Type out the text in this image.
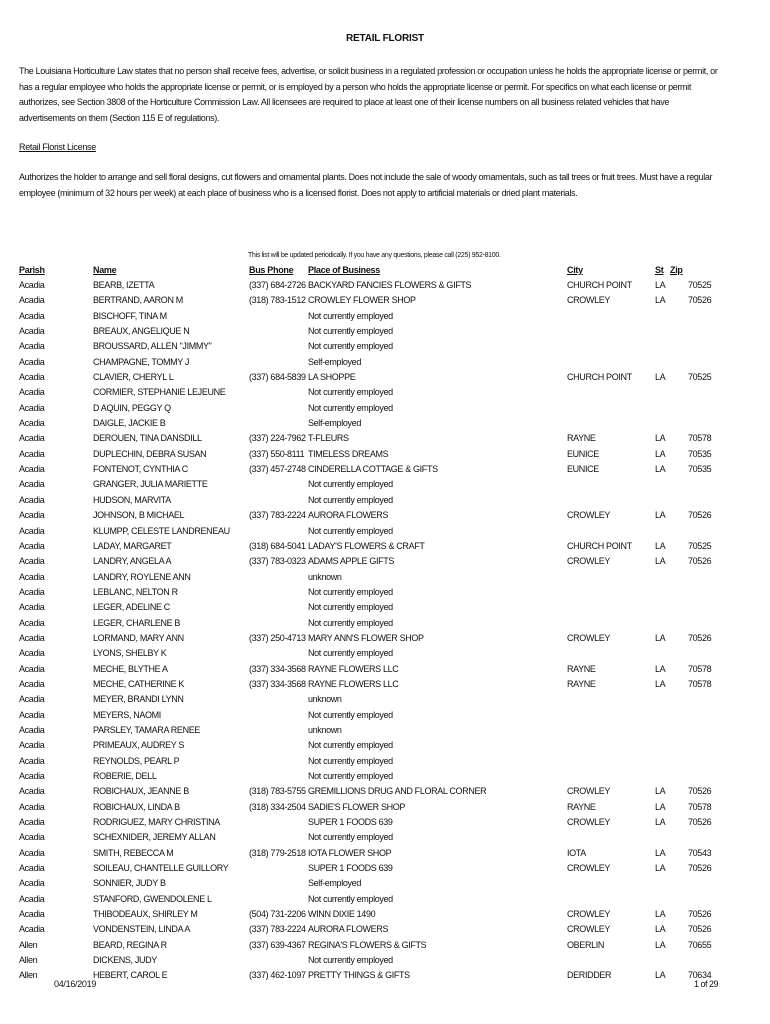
RETAIL FLORIST
The Louisiana Horticulture Law states that no person shall receive fees, advertise, or solicit business in a regulated profession or occupation unless he holds the appropriate license or permit, or has a regular employee who holds the appropriate license or permit, or is employed by a person who holds the appropriate license or permit. For specifics on what each license or permit authorizes, see Section 3808 of the Horticulture Commission Law. All licensees are required to place at least one of their license numbers on all business related vehicles that have advertisements on them (Section 115 E of regulations).
Retail Florist License
Authorizes the holder to arrange and sell floral designs, cut flowers and ornamental plants. Does not include the sale of woody ornamentals, such as tall trees or fruit trees. Must have a regular employee (minimum of 32 hours per week) at each place of business who is a licensed florist. Does not apply to artificial materials or dried plant materials.
This list will be updated periodically. If you have any questions, please call (225) 952-8100.
Parish	Name	Bus Phone Place of Business	City	St Zip
Acadia	BEARB, IZETTA	(337) 684-2726 BACKYARD FANCIES FLOWERS & GIFTS	CHURCH POINT	LA	70525
Acadia	BERTRAND, AARON M	(318) 783-1512 CROWLEY FLOWER SHOP	CROWLEY	LA	70526
Acadia	BISCHOFF, TINA M	Not currently employed
Acadia	BREAUX, ANGELIQUE N	Not currently employed
Acadia	BROUSSARD, ALLEN "JIMMY"	Not currently employed
Acadia	CHAMPAGNE, TOMMY J	Self-employed
Acadia	CLAVIER, CHERYL L	(337) 684-5839 LA SHOPPE	CHURCH POINT	LA	70525
Acadia	CORMIER, STEPHANIE LEJEUNE	Not currently employed
Acadia	D AQUIN, PEGGY Q	Not currently employed
Acadia	DAIGLE, JACKIE B	Self-employed
Acadia	DEROUEN, TINA DANSDILL	(337) 224-7962 T-FLEURS	RAYNE	LA	70578
Acadia	DUPLECHIN, DEBRA SUSAN	(337) 550-8111 TIMELESS DREAMS	EUNICE	LA	70535
Acadia	FONTENOT, CYNTHIA C	(337) 457-2748 CINDERELLA COTTAGE & GIFTS	EUNICE	LA	70535
Acadia	GRANGER, JULIA MARIETTE	Not currently employed
Acadia	HUDSON, MARVITA	Not currently employed
Acadia	JOHNSON, B MICHAEL	(337) 783-2224 AURORA FLOWERS	CROWLEY	LA	70526
Acadia	KLUMPP, CELESTE LANDRENEAU	Not currently employed
Acadia	LADAY, MARGARET	(318) 684-5041 LADAY'S FLOWERS & CRAFT	CHURCH POINT	LA	70525
Acadia	LANDRY, ANGELA A	(337) 783-0323 ADAMS APPLE GIFTS	CROWLEY	LA	70526
Acadia	LANDRY, ROYLENE ANN	unknown
Acadia	LEBLANC, NELTON R	Not currently employed
Acadia	LEGER, ADELINE C	Not currently employed
Acadia	LEGER, CHARLENE B	Not currently employed
Acadia	LORMAND, MARY ANN	(337) 250-4713 MARY ANN'S FLOWER SHOP	CROWLEY	LA	70526
Acadia	LYONS, SHELBY K	Not currently employed
Acadia	MECHE, BLYTHE A	(337) 334-3568 RAYNE FLOWERS LLC	RAYNE	LA	70578
Acadia	MECHE, CATHERINE K	(337) 334-3568 RAYNE FLOWERS LLC	RAYNE	LA	70578
Acadia	MEYER, BRANDI LYNN	unknown
Acadia	MEYERS, NAOMI	Not currently employed
Acadia	PARSLEY, TAMARA RENEE	unknown
Acadia	PRIMEAUX, AUDREY S	Not currently employed
Acadia	REYNOLDS, PEARL P	Not currently employed
Acadia	ROBERIE, DELL	Not currently employed
Acadia	ROBICHAUX, JEANNE B	(318) 783-5755 GREMILLIONS DRUG AND FLORAL CORNER	CROWLEY	LA	70526
Acadia	ROBICHAUX, LINDA B	(318) 334-2504 SADIE'S FLOWER SHOP	RAYNE	LA	70578
Acadia	RODRIGUEZ, MARY CHRISTINA	SUPER 1 FOODS 639	CROWLEY	LA	70526
Acadia	SCHEXNIDER, JEREMY ALLAN	Not currently employed
Acadia	SMITH, REBECCA M	(318) 779-2518 IOTA FLOWER SHOP	IOTA	LA	70543
Acadia	SOILEAU, CHANTELLE GUILLORY	SUPER 1 FOODS 639	CROWLEY	LA	70526
Acadia	SONNIER, JUDY B	Self-employed
Acadia	STANFORD, GWENDOLENE L	Not currently employed
Acadia	THIBODEAUX, SHIRLEY M	(504) 731-2206 WINN DIXIE 1490	CROWLEY	LA	70526
Acadia	VONDENSTEIN, LINDA A	(337) 783-2224 AURORA FLOWERS	CROWLEY	LA	70526
Allen	BEARD, REGINA R	(337) 639-4367 REGINA'S FLOWERS & GIFTS	OBERLIN	LA	70655
Allen	DICKENS, JUDY	Not currently employed
Allen	HEBERT, CAROL E	(337) 462-1097 PRETTY THINGS & GIFTS	DERIDDER	LA	70634
04/16/2019	1 of 29
